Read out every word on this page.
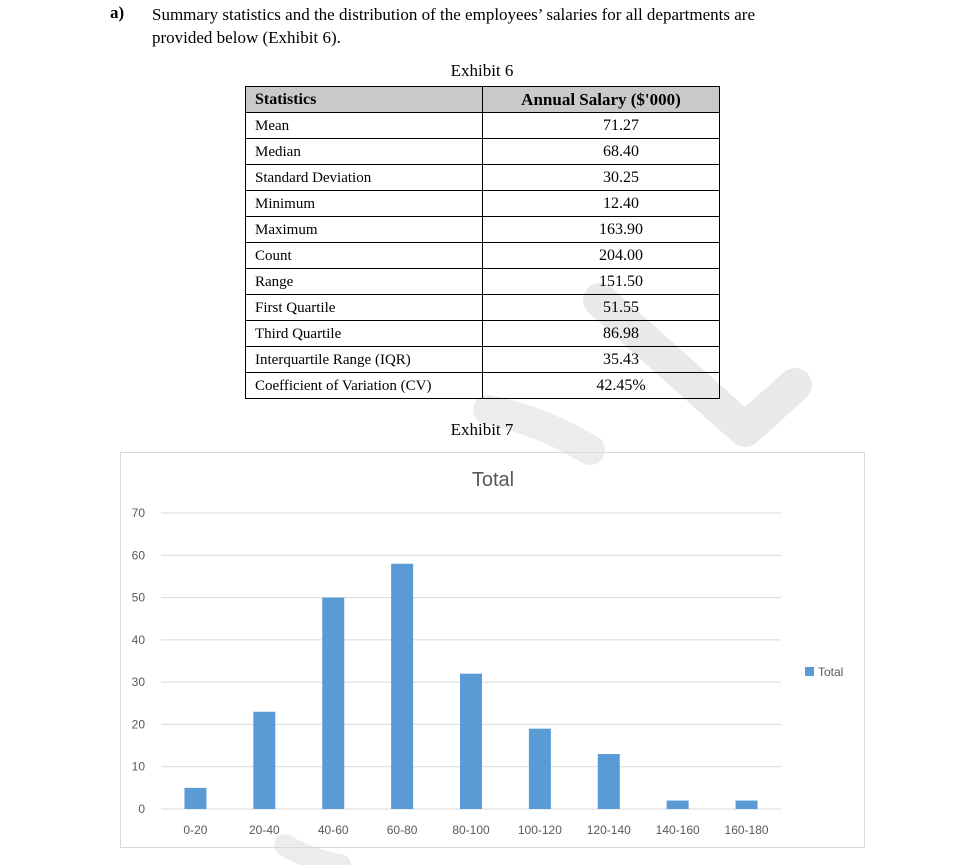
a) Summary statistics and the distribution of the employees’ salaries for all departments are
provided below (Exhibit 6).
Exhibit 6
Statistics	Annual Salary ($'000)
Mean	71.27
Median	68.40
Standard Deviation	30.25
Minimum	12.40
Maximum	163.90
Count	204.00
Range	151.50
First Quartile	51.55
Third Quartile	86.98
Interquartile Range (IQR)	35.43
Coefficient of Variation (CV)	42.45%
Exhibit 7
Total
0
10
20
30
40
50
60
70
0-20	20-40	40-60	60-80	80-100 100-120 120-140 140-160 160-180
Total
